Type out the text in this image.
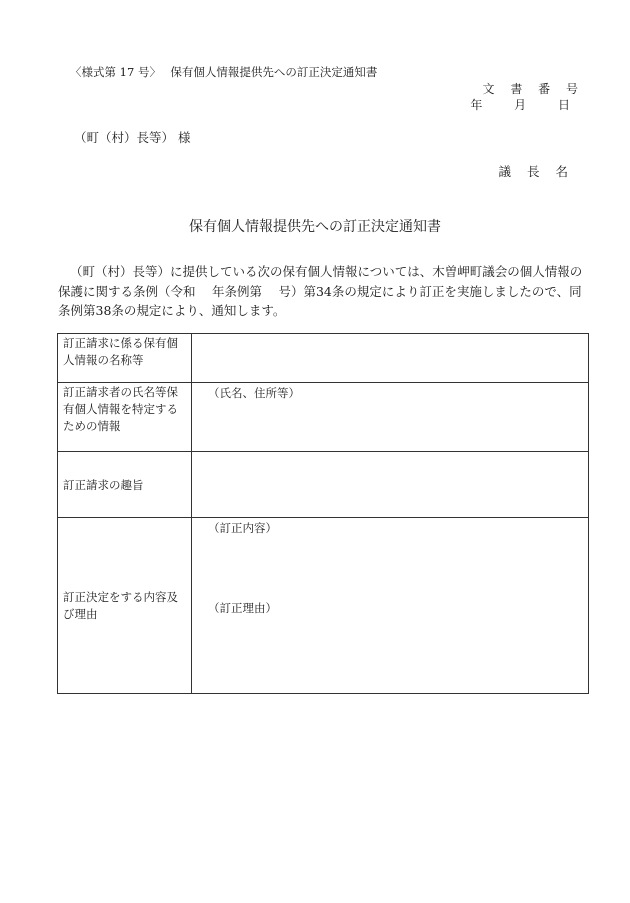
〈様式第 17 号〉　 保有個人情報提供先への訂正決定通知書
文 書 番 号
年 月 日
（町（村）長等） 様
議 長 名
保有個人情報提供先への訂正決定通知書
（町（村）長等）に提供している次の保有個人情報については、木曽岬町議会の個人情報の保護に関する条例（令和　 年条例第　 号）第34条の規定により訂正を実施しましたので、同条例第38条の規定により、通知します。
訂正請求に係る保有個人情報の名称等	
訂正請求者の氏名等保有個人情報を特定するための情報	（氏名、住所等）
訂正請求の趣旨	
訂正決定をする内容及び理由	（訂正内容）
（訂正理由）
